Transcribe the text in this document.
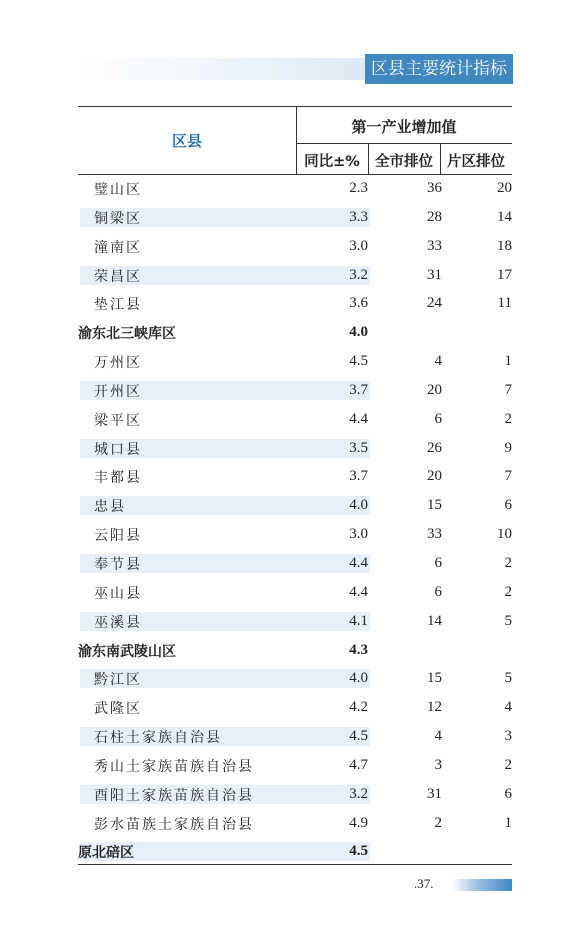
区县主要统计指标
区县
第一产业增加值
同比±%	全市排位 片区排位
璧山区	2.3	36	20
铜梁区	3.3	28	14
潼南区	3.0	33	18
荣昌区	3.2	31	17
垫江县	3.6	24	11
渝东北三峡库区	4.0
万州区	4.5	4	1
开州区	3.7	20	7
梁平区	4.4	6	2
城口县	3.5	26	9
丰都县	3.7	20	7
忠县	4.0	15	6
云阳县	3.0	33	10
奉节县	4.4	6	2
巫山县	4.4	6	2
巫溪县	4.1	14	5
渝东南武陵山区	4.3
黔江区	4.0	15	5
武隆区	4.2	12	4
石柱土家族自治县	4.5	4	3
秀山土家族苗族自治县	4.7	3	2
酉阳土家族苗族自治县	3.2	31	6
彭水苗族土家族自治县	4.9	2	1
原北碚区	4.5
.37.
